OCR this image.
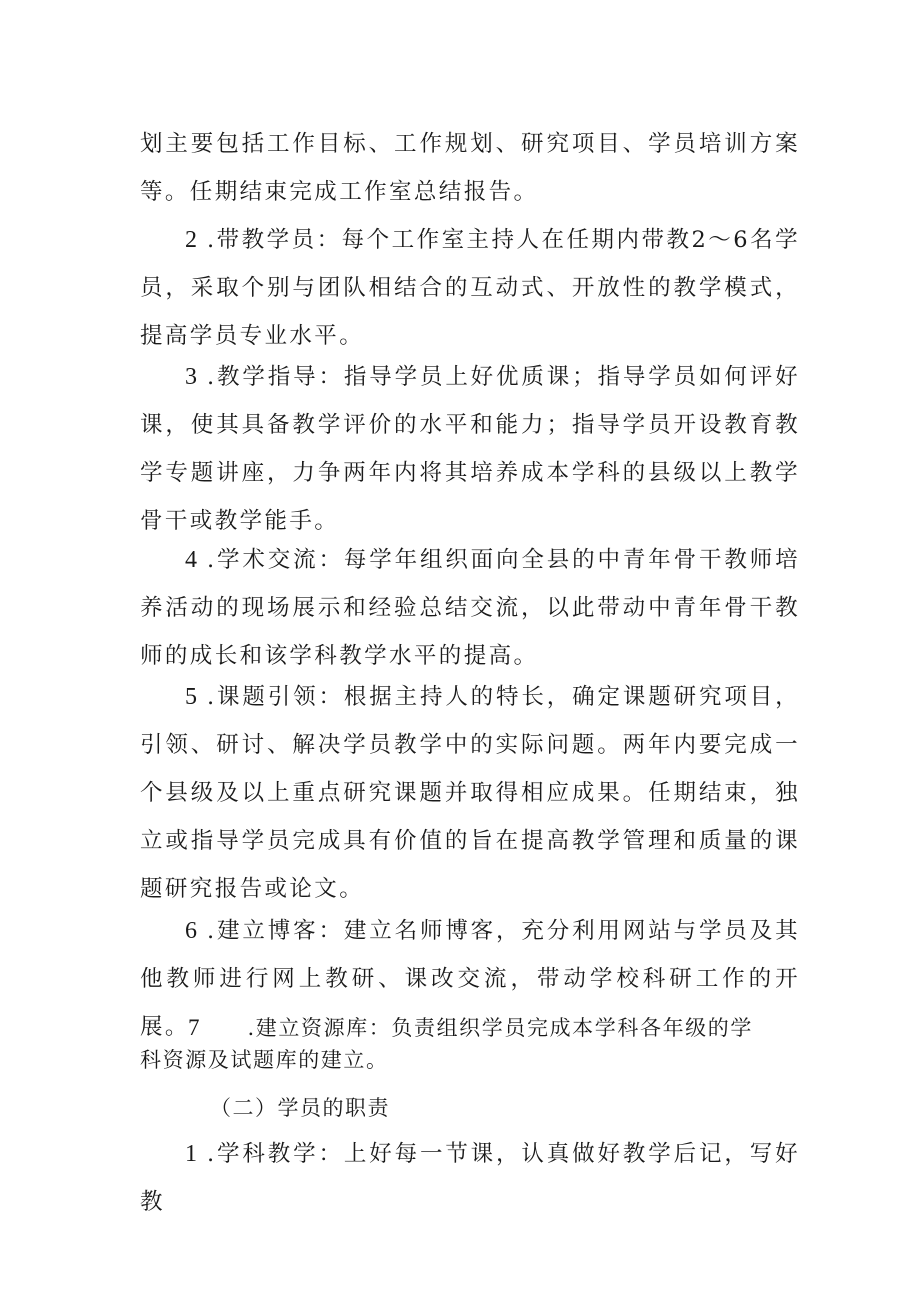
划主要包括工作目标、工作规划、研究项目、学员培训方案等。任期结束完成工作室总结报告。

2 .带教学员：每个工作室主持人在任期内带教2～6名学员，采取个别与团队相结合的互动式、开放性的教学模式，提高学员专业水平。

3 .教学指导：指导学员上好优质课；指导学员如何评好课，使其具备教学评价的水平和能力；指导学员开设教育教学专题讲座，力争两年内将其培养成本学科的县级以上教学骨干或教学能手。

4 .学术交流：每学年组织面向全县的中青年骨干教师培养活动的现场展示和经验总结交流，以此带动中青年骨干教师的成长和该学科教学水平的提高。

5 .课题引领：根据主持人的特长，确定课题研究项目，引领、研讨、解决学员教学中的实际问题。两年内要完成一个县级及以上重点研究课题并取得相应成果。任期结束，独立或指导学员完成具有价值的旨在提高教学管理和质量的课题研究报告或论文。

6 .建立博客：建立名师博客，充分利用网站与学员及其他教师进行网上教研、课改交流，带动学校科研工作的开展。

7 .建立资源库：负责组织学员完成本学科各年级的学
科资源及试题库的建立。

（二）学员的职责

1 .学科教学：上好每一节课，认真做好教学后记，写好教
